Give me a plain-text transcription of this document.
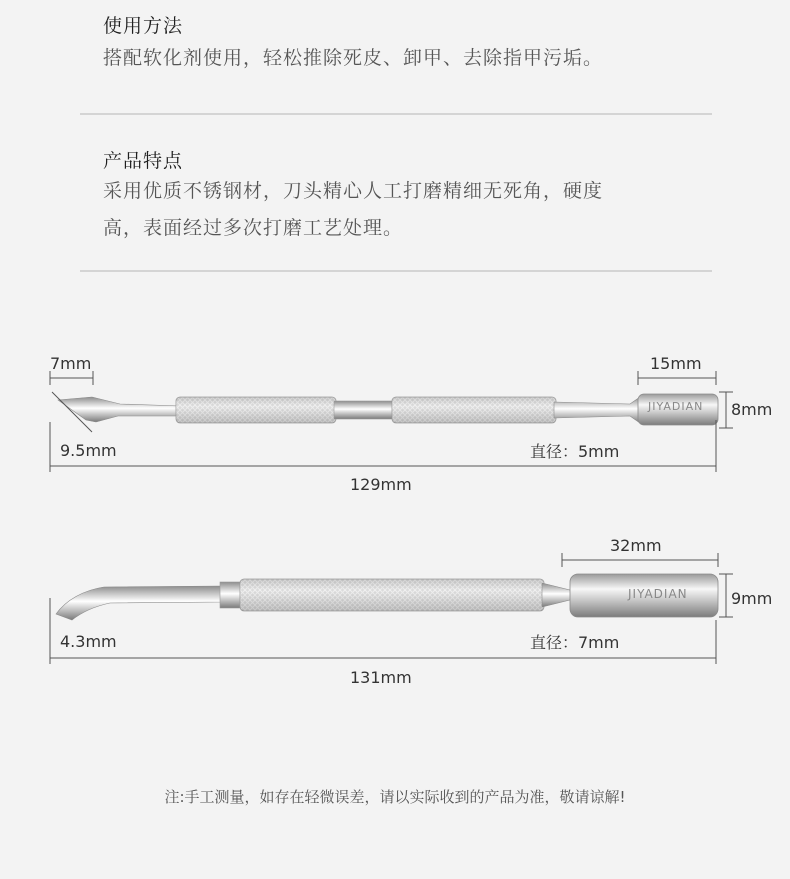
使用方法
搭配软化剂使用，轻松推除死皮、卸甲、去除指甲污垢。
产品特点
采用优质不锈钢材，刀头精心人工打磨精细无死角，硬度
高，表面经过多次打磨工艺处理。
JIYADIAN
JIYADIAN
7mm
9.5mm
15mm
8mm
直径：5mm
129mm
4.3mm
32mm
9mm
直径：7mm
131mm
注:手工测量，如存在轻微误差，请以实际收到的产品为准，敬请谅解!
